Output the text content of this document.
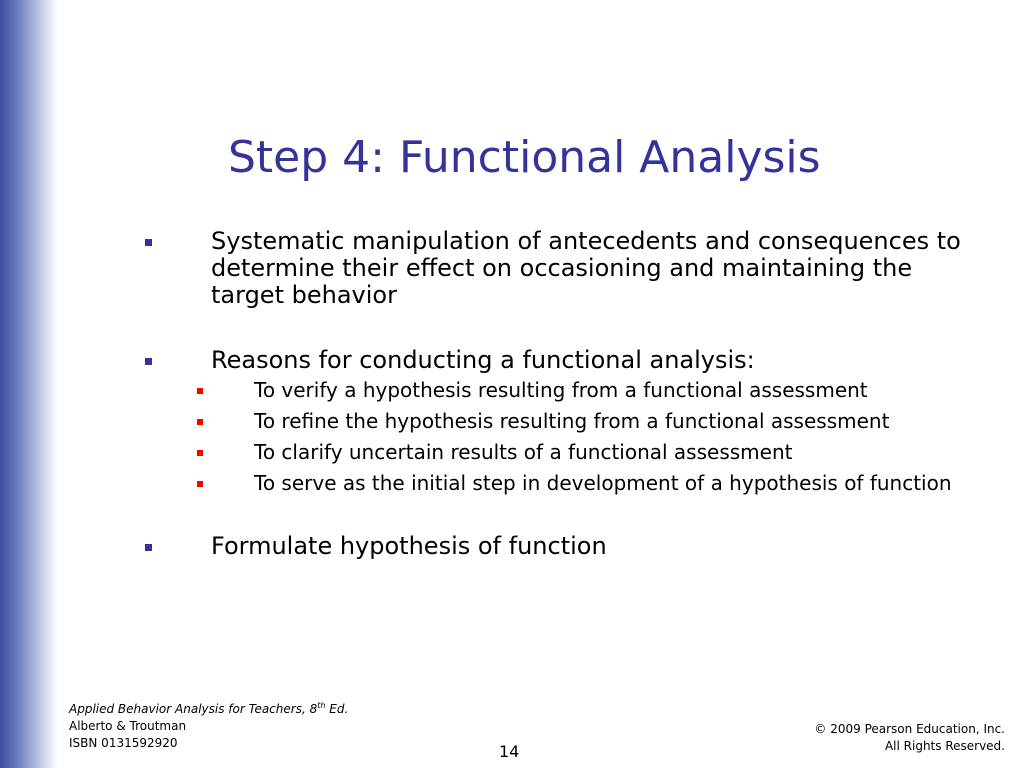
Step 4: Functional Analysis
Systematic manipulation of antecedents and consequences to determine their effect on occasioning and maintaining the target behavior
Reasons for conducting a functional analysis:
To verify a hypothesis resulting from a functional assessment
To refine the hypothesis resulting from a functional assessment
To clarify uncertain results of a functional assessment
To serve as the initial step in development of a hypothesis of function
Formulate hypothesis of function
Applied Behavior Analysis for Teachers, 8th Ed.
Alberto & Troutman
ISBN 0131592920	14
© 2009 Pearson Education, Inc.
All Rights Reserved.
